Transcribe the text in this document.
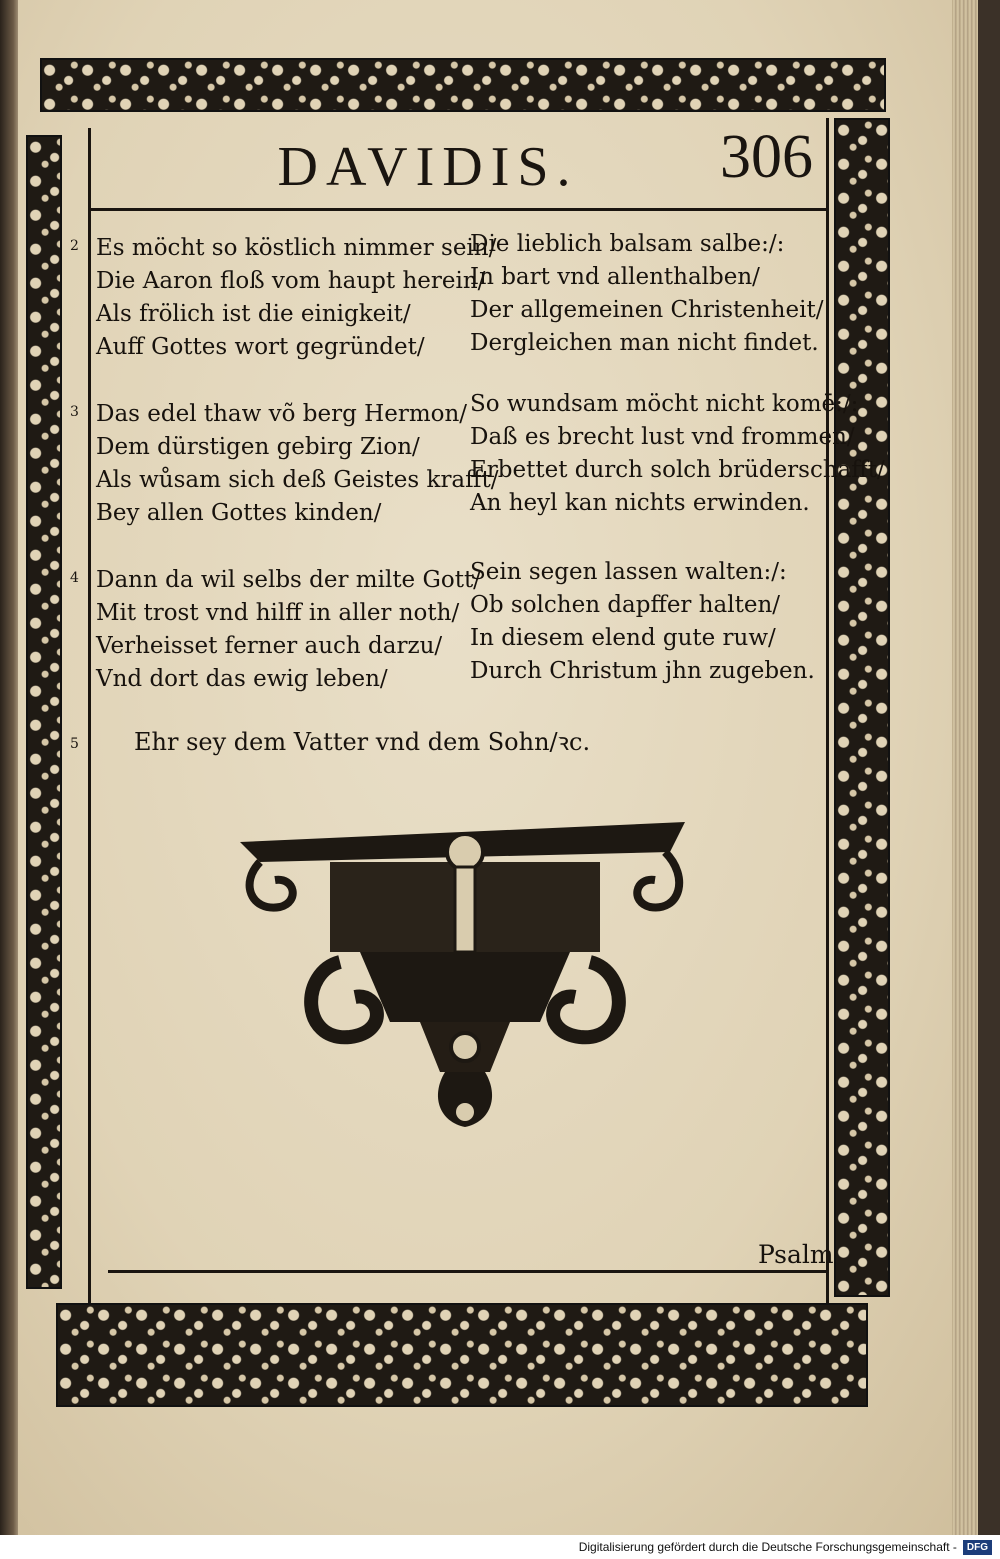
DAVIDIS.	306
2 Es möcht so köstlich nimmer sein/
Die Aaron floß vom haupt herein/
Als frölich ist die einigkeit/
Auff Gottes wort gegründet/
Die lieblich balsam salbe:/:
In bart vnd allenthalben/
Der allgemeinen Christenheit/
Dergleichen man nicht findet.
3 Das edel thaw võ berg Hermon/
Dem dürstigen gebirg Zion/
Als wůsam sich deß Geistes krafft/
Bey allen Gottes kinden/
So wundsam möcht nicht komē:/:
Daß es brecht lust vnd frommen/
Erbettet durch solch brüderschafft/
An heyl kan nichts erwinden.
4 Dann da wil selbs der milte Gott/
Mit trost vnd hilff in aller noth/
Verheisset ferner auch darzu/
Vnd dort das ewig leben/
Sein segen lassen walten:/:
Ob solchen dapffer halten/
In diesem elend gute ruw/
Durch Christum jhn zugeben.
5 Ehr sey dem Vatter vnd dem Sohn/ꝛc.
Psalm
Digitalisierung gefördert durch die Deutsche Forschungsgemeinschaft -	DFG
